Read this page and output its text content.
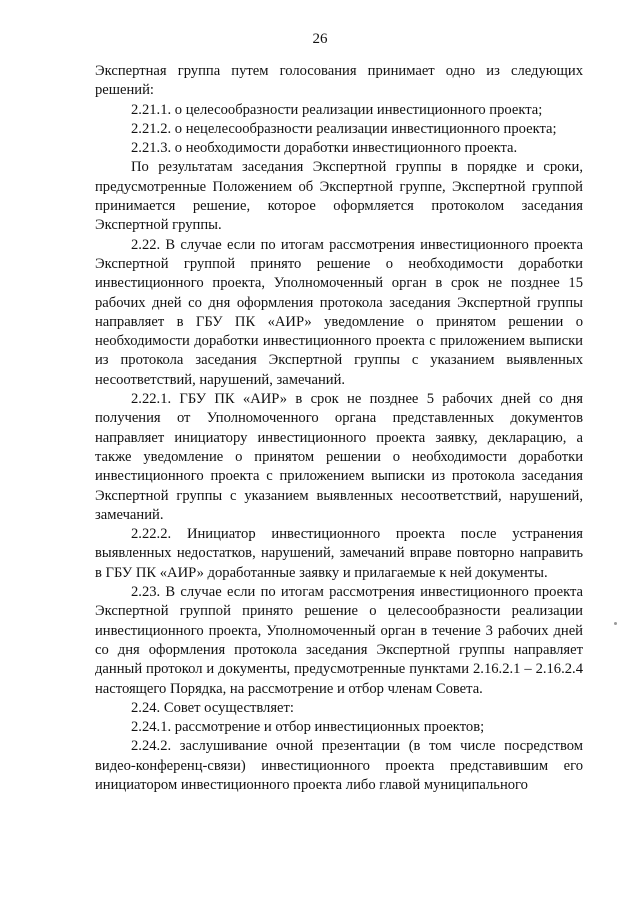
26

Экспертная группа путем голосования принимает одно из следующих решений:

2.21.1. о целесообразности реализации инвестиционного проекта;

2.21.2. о нецелесообразности реализации инвестиционного проекта;

2.21.3. о необходимости доработки инвестиционного проекта.

По результатам заседания Экспертной группы в порядке и сроки, предусмотренные Положением об Экспертной группе, Экспертной группой принимается решение, которое оформляется протоколом заседания Экспертной группы.

2.22. В случае если по итогам рассмотрения инвестиционного проекта Экспертной группой принято решение о необходимости доработки инвестиционного проекта, Уполномоченный орган в срок не позднее 15 рабочих дней со дня оформления протокола заседания Экспертной группы направляет в ГБУ ПК «АИР» уведомление о принятом решении о необходимости доработки инвестиционного проекта с приложением выписки из протокола заседания Экспертной группы с указанием выявленных несоответствий, нарушений, замечаний.

2.22.1. ГБУ ПК «АИР» в срок не позднее 5 рабочих дней со дня получения от Уполномоченного органа представленных документов направляет инициатору инвестиционного проекта заявку, декларацию, а также уведомление о принятом решении о необходимости доработки инвестиционного проекта с приложением выписки из протокола заседания Экспертной группы с указанием выявленных несоответствий, нарушений, замечаний.

2.22.2. Инициатор инвестиционного проекта после устранения выявленных недостатков, нарушений, замечаний вправе повторно направить в ГБУ ПК «АИР» доработанные заявку и прилагаемые к ней документы.

2.23. В случае если по итогам рассмотрения инвестиционного проекта Экспертной группой принято решение о целесообразности реализации инвестиционного проекта, Уполномоченный орган в течение 3 рабочих дней со дня оформления протокола заседания Экспертной группы направляет данный протокол и документы, предусмотренные пунктами 2.16.2.1 – 2.16.2.4 настоящего Порядка, на рассмотрение и отбор членам Совета.

2.24. Совет осуществляет:

2.24.1. рассмотрение и отбор инвестиционных проектов;

2.24.2. заслушивание очной презентации (в том числе посредством видео-конференц-связи) инвестиционного проекта представившим его инициатором инвестиционного проекта либо главой муниципального
